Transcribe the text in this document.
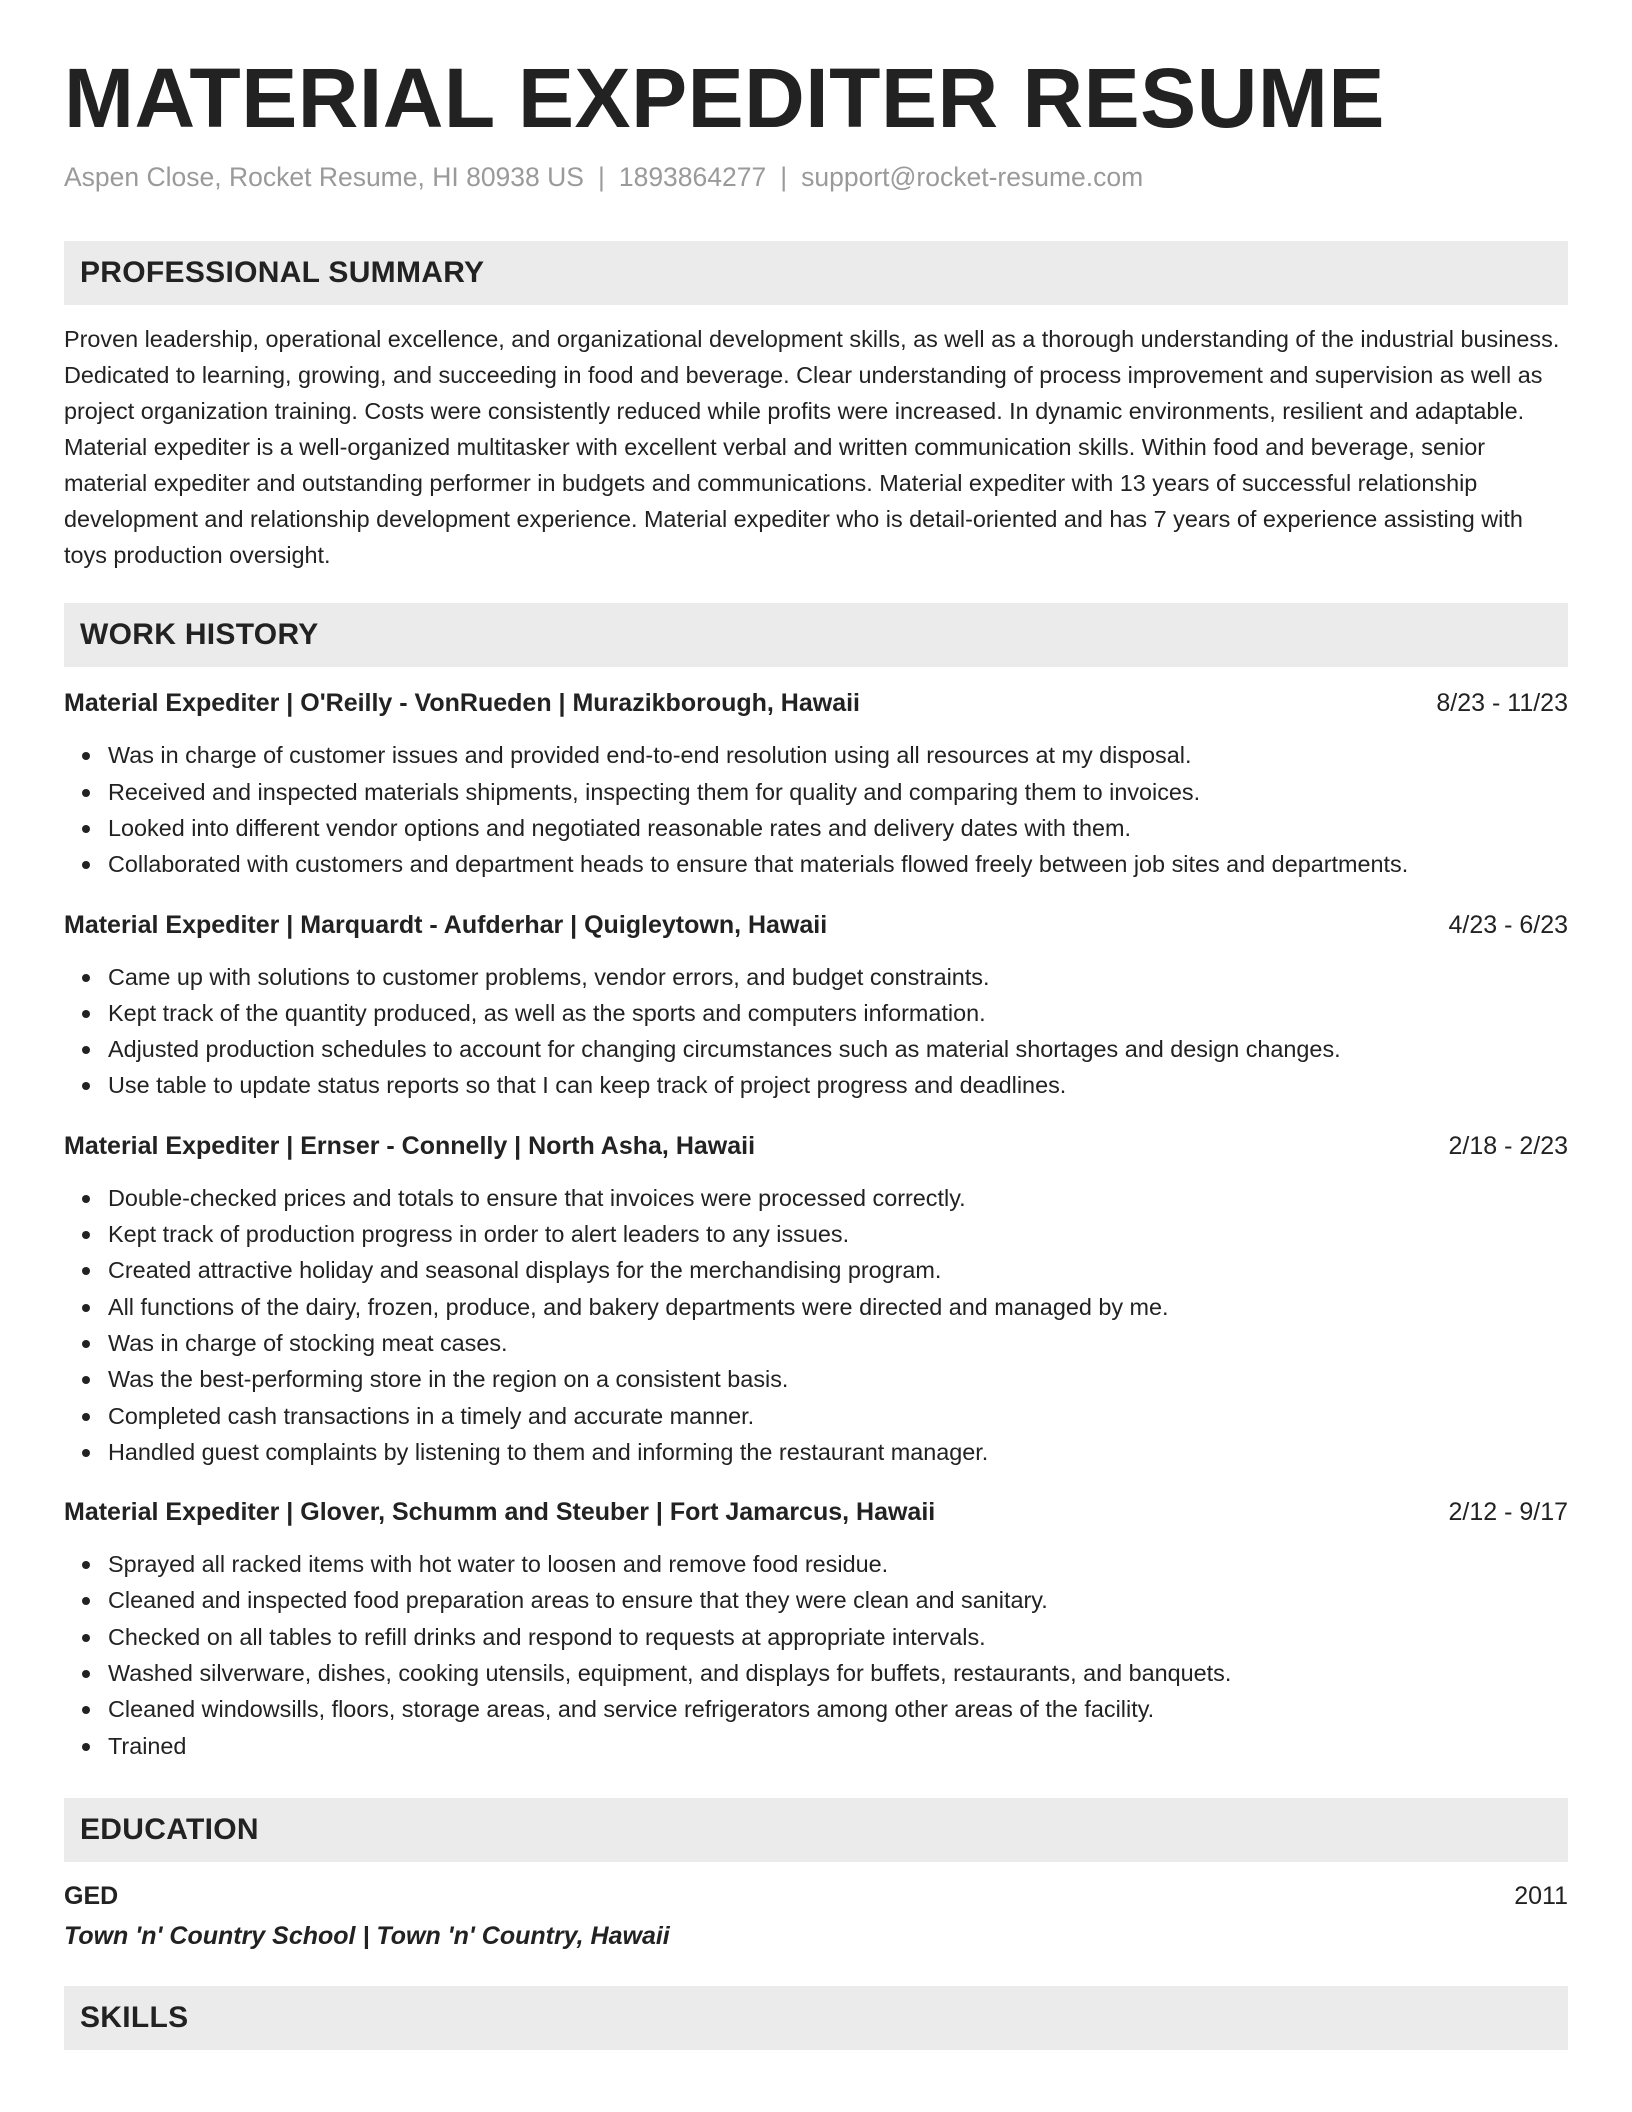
MATERIAL EXPEDITER RESUME
Aspen Close, Rocket Resume, HI 80938 US | 1893864277 | support@rocket-resume.com
PROFESSIONAL SUMMARY
Proven leadership, operational excellence, and organizational development skills, as well as a thorough understanding of the industrial business. Dedicated to learning, growing, and succeeding in food and beverage. Clear understanding of process improvement and supervision as well as project organization training. Costs were consistently reduced while profits were increased. In dynamic environments, resilient and adaptable. Material expediter is a well-organized multitasker with excellent verbal and written communication skills. Within food and beverage, senior material expediter and outstanding performer in budgets and communications. Material expediter with 13 years of successful relationship development and relationship development experience. Material expediter who is detail-oriented and has 7 years of experience assisting with toys production oversight.
WORK HISTORY
Material Expediter | O'Reilly - VonRueden | Murazikborough, Hawaii	8/23 - 11/23
Was in charge of customer issues and provided end-to-end resolution using all resources at my disposal.
Received and inspected materials shipments, inspecting them for quality and comparing them to invoices.
Looked into different vendor options and negotiated reasonable rates and delivery dates with them.
Collaborated with customers and department heads to ensure that materials flowed freely between job sites and departments.
Material Expediter | Marquardt - Aufderhar | Quigleytown, Hawaii	4/23 - 6/23
Came up with solutions to customer problems, vendor errors, and budget constraints.
Kept track of the quantity produced, as well as the sports and computers information.
Adjusted production schedules to account for changing circumstances such as material shortages and design changes.
Use table to update status reports so that I can keep track of project progress and deadlines.
Material Expediter | Ernser - Connelly | North Asha, Hawaii	2/18 - 2/23
Double-checked prices and totals to ensure that invoices were processed correctly.
Kept track of production progress in order to alert leaders to any issues.
Created attractive holiday and seasonal displays for the merchandising program.
All functions of the dairy, frozen, produce, and bakery departments were directed and managed by me.
Was in charge of stocking meat cases.
Was the best-performing store in the region on a consistent basis.
Completed cash transactions in a timely and accurate manner.
Handled guest complaints by listening to them and informing the restaurant manager.
Material Expediter | Glover, Schumm and Steuber | Fort Jamarcus, Hawaii	2/12 - 9/17
Sprayed all racked items with hot water to loosen and remove food residue.
Cleaned and inspected food preparation areas to ensure that they were clean and sanitary.
Checked on all tables to refill drinks and respond to requests at appropriate intervals.
Washed silverware, dishes, cooking utensils, equipment, and displays for buffets, restaurants, and banquets.
Cleaned windowsills, floors, storage areas, and service refrigerators among other areas of the facility.
Trained
EDUCATION
GED	2011
Town 'n' Country School | Town 'n' Country, Hawaii
SKILLS
